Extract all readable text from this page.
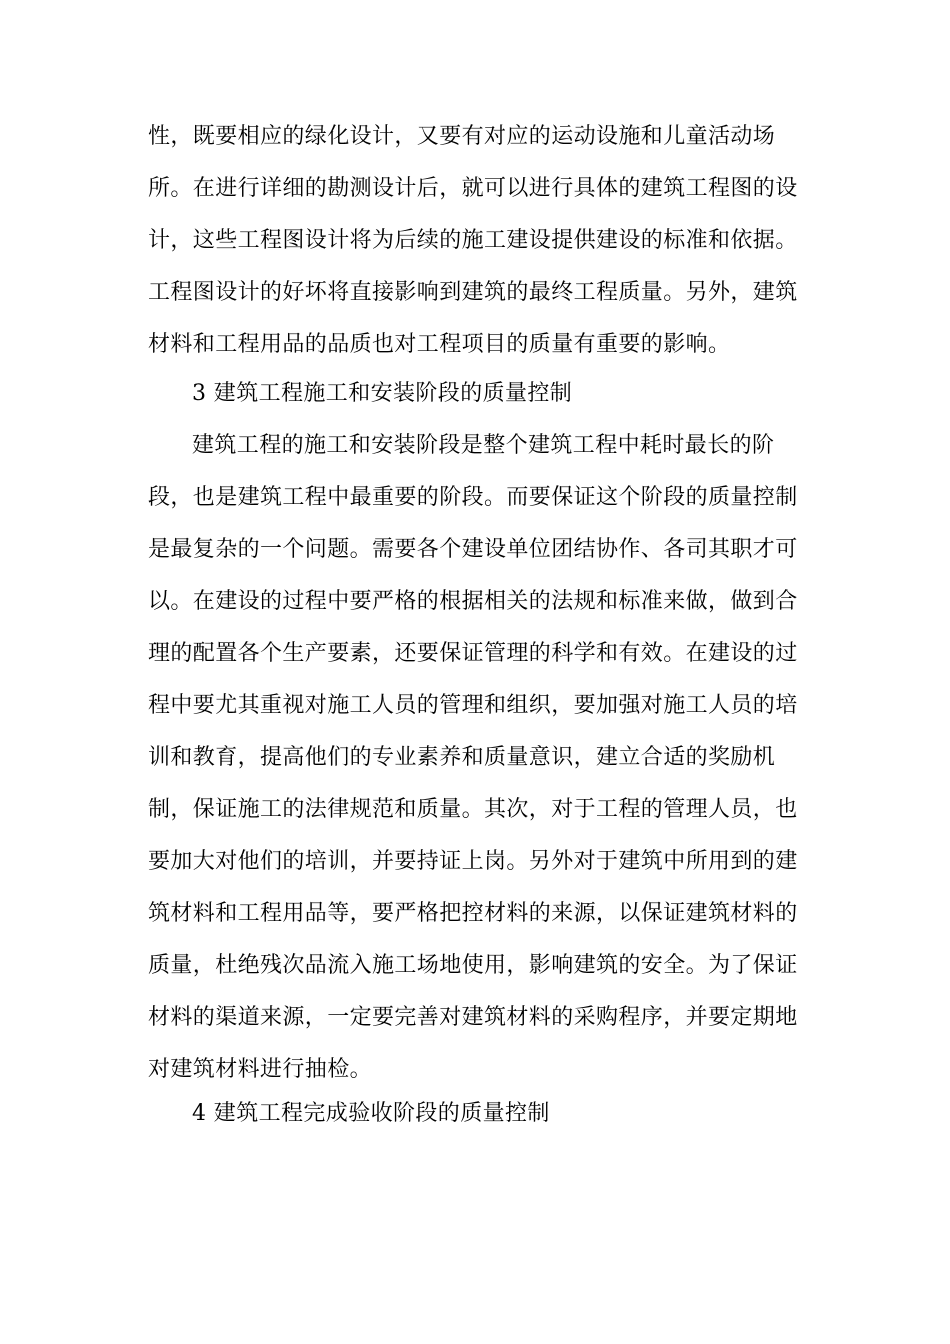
性，既要相应的绿化设计，又要有对应的运动设施和儿童活动场
所。在进行详细的勘测设计后，就可以进行具体的建筑工程图的设
计，这些工程图设计将为后续的施工建设提供建设的标准和依据。
工程图设计的好坏将直接影响到建筑的最终工程质量。另外，建筑
材料和工程用品的品质也对工程项目的质量有重要的影响。
3 建筑工程施工和安装阶段的质量控制
建筑工程的施工和安装阶段是整个建筑工程中耗时最长的阶
段，也是建筑工程中最重要的阶段。而要保证这个阶段的质量控制
是最复杂的一个问题。需要各个建设单位团结协作、各司其职才可
以。在建设的过程中要严格的根据相关的法规和标准来做，做到合
理的配置各个生产要素，还要保证管理的科学和有效。在建设的过
程中要尤其重视对施工人员的管理和组织，要加强对施工人员的培
训和教育，提高他们的专业素养和质量意识，建立合适的奖励机
制，保证施工的法律规范和质量。其次，对于工程的管理人员，也
要加大对他们的培训，并要持证上岗。另外对于建筑中所用到的建
筑材料和工程用品等，要严格把控材料的来源，以保证建筑材料的
质量，杜绝残次品流入施工场地使用，影响建筑的安全。为了保证
材料的渠道来源，一定要完善对建筑材料的采购程序，并要定期地
对建筑材料进行抽检。
4 建筑工程完成验收阶段的质量控制
